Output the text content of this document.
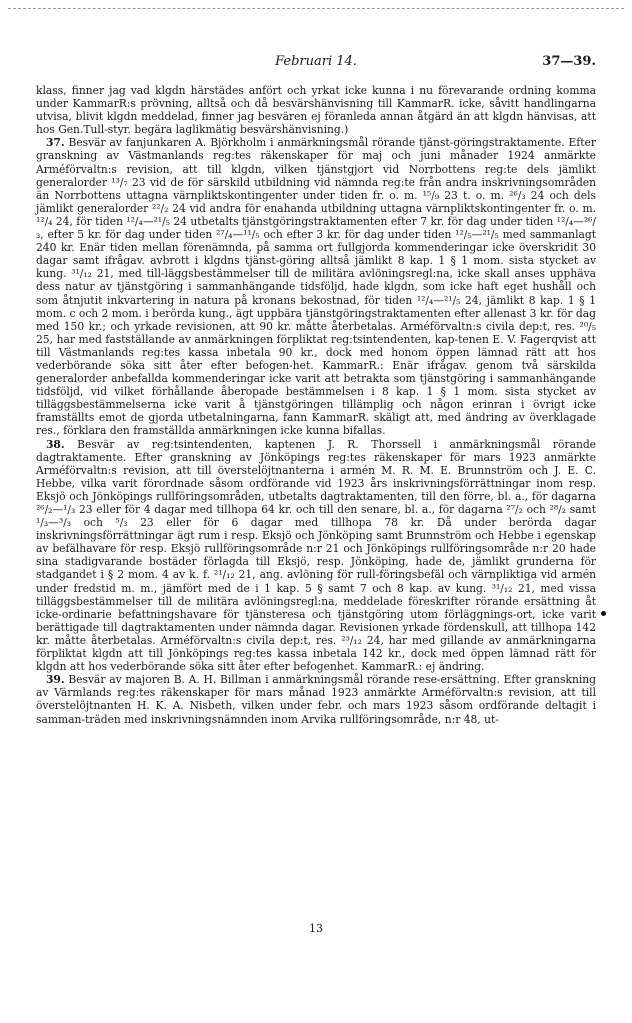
Februari 14.	37—39.

klass, finner jag vad klgdn härstädes anfört och yrkat icke kunna i nu förevarande ordning komma under KammarR:s prövning, alltså och då besvärshänvisning till KammarR. icke, såvitt handlingarna utvisa, blivit klgdn meddelad, finner jag besvären ej föranleda annan åtgärd än att klgdn hänvisas, att hos Gen.Tull-styr. begära laglikmätig besvärshänvisning.)

37. Besvär av fanjunkaren A. Björkholm i anmärkningsmål rörande tjänst-göringstraktamente. Efter granskning av Västmanlands reg:tes räkenskaper för maj och juni månader 1924 anmärkte Arméförvaltn:s revision, att till klgdn, vilken tjänstgjort vid Norrbottens reg:te dels jämlikt generalorder ¹³/₇ 23 vid de för särskild utbildning vid nämnda reg:te från andra inskrivningsområden än Norrbottens uttagna värnpliktskontingenter under tiden fr. o. m. ¹⁵/₉ 23 t. o. m. ²⁶/₃ 24 och dels jämlikt generalorder ²²/₂ 24 vid andra för enahanda utbildning uttagna värnpliktskontingenter fr. o. m. ¹²/₄ 24, för tiden ¹²/₄—²¹/₅ 24 utbetalts tjänstgöringstraktamenten efter 7 kr. för dag under tiden ¹²/₄—²⁶/₃, efter 5 kr. för dag under tiden ²⁷/₄—¹¹/₅ och efter 3 kr. för dag under tiden ¹²/₅—²¹/₅ med sammanlagt 240 kr. Enär tiden mellan förenämnda, på samma ort fullgjorda kommenderingar icke överskridit 30 dagar samt ifrågav. avbrott i klgdns tjänst-göring alltså jämlikt 8 kap. 1 § 1 mom. sista stycket av kung. ³¹/₁₂ 21, med till-läggsbestämmelser till de militära avlöningsregl:na, icke skall anses upphäva dess natur av tjänstgöring i sammanhängande tidsföljd, hade klgdn, som icke haft eget hushåll och som åtnjutit inkvartering in natura på kronans bekostnad, för tiden ¹²/₄—²¹/₅ 24, jämlikt 8 kap. 1 § 1 mom. c och 2 mom. i berörda kung., ägt uppbära tjänstgöringstraktamenten efter allenast 3 kr. för dag med 150 kr.; och yrkade revisionen, att 90 kr. måtte återbetalas. Arméförvaltn:s civila dep:t, res. ²⁰/₅ 25, har med fastställande av anmärkningen förpliktat reg:tsintendenten, kap-tenen E. V. Fagerqvist att till Västmanlands reg:tes kassa inbetala 90 kr., dock med honom öppen lämnad rätt att hos vederbörande söka sitt åter efter befogen-het. KammarR.: Enär ifrågav. genom två särskilda generalorder anbefallda kommenderingar icke varit att betrakta som tjänstgöring i sammanhängande tidsföljd, vid vilket förhållande åberopade bestämmelsen i 8 kap. 1 § 1 mom. sista stycket av tilläggsbestämmelserna icke varit å tjänstgöringen tillämplig och någon erinran i övrigt icke framställts emot de gjorda utbetalningarna, fann KammarR. skäligt att, med ändring av överklagade res., förklara den framställda anmärkningen icke kunna bifallas.

38. Besvär av reg:tsintendenten, kaptenen J. R. Thorssell i anmärkningsmål rörande dagtraktamente. Efter granskning av Jönköpings reg:tes räkenskaper för mars 1923 anmärkte Arméförvaltn:s revision, att till överstelöjtnanterna i armén M. R. M. E. Brunnström och J. E. C. Hebbe, vilka varit förordnade såsom ordförande vid 1923 års inskrivningsförrättningar inom resp. Eksjö och Jönköpings rullföringsområden, utbetalts dagtraktamenten, till den förre, bl. a., för dagarna ²⁶/₂—¹/₃ 23 eller för 4 dagar med tillhopa 64 kr. och till den senare, bl. a., för dagarna ²⁷/₂ och ²⁸/₂ samt ¹/₃—³/₃ och ⁵/₃ 23 eller för 6 dagar med tillhopa 78 kr. Då under berörda dagar inskrivningsförrättningar ägt rum i resp. Eksjö och Jönköping samt Brunnström och Hebbe i egenskap av befälhavare för resp. Eksjö rullföringsområde n:r 21 och Jönköpings rullföringsområde n:r 20 hade sina stadigvarande bostäder förlagda till Eksjö, resp. Jönköping, hade de, jämlikt grunderna för stadgandet i § 2 mom. 4 av k. f. ²¹/₁₂ 21, ang. avlöning för rull-föringsbefäl och värnpliktiga vid armén under fredstid m. m., jämfört med de i 1 kap. 5 § samt 7 och 8 kap. av kung. ³¹/₁₂ 21, med vissa tilläggsbestämmelser till de militära avlöningsregl:na, meddelade föreskrifter rörande ersättning åt icke-ordinarie befattningshavare för tjänsteresa och tjänstgöring utom förläggnings-ort, icke varit berättigade till dagtraktamenten under nämnda dagar. Revisionen yrkade fördenskull, att tillhopa 142 kr. måtte återbetalas. Arméförvaltn:s civila dep:t, res. ²³/₁₂ 24, har med gillande av anmärkningarna förpliktat klgdn att till Jönköpings reg:tes kassa inbetala 142 kr., dock med öppen lämnad rätt för klgdn att hos vederbörande söka sitt åter efter befogenhet. KammarR.: ej ändring.

39. Besvär av majoren B. A. H. Billman i anmärkningsmål rörande rese-ersättning. Efter granskning av Värmlands reg:tes räkenskaper för mars månad 1923 anmärkte Arméförvaltn:s revision, att till överstelöjtnanten H. K. A. Nisbeth, vilken under febr. och mars 1923 såsom ordförande deltagit i samman-träden med inskrivningsnämnden inom Arvika rullföringsområde, n:r 48, ut-

13
